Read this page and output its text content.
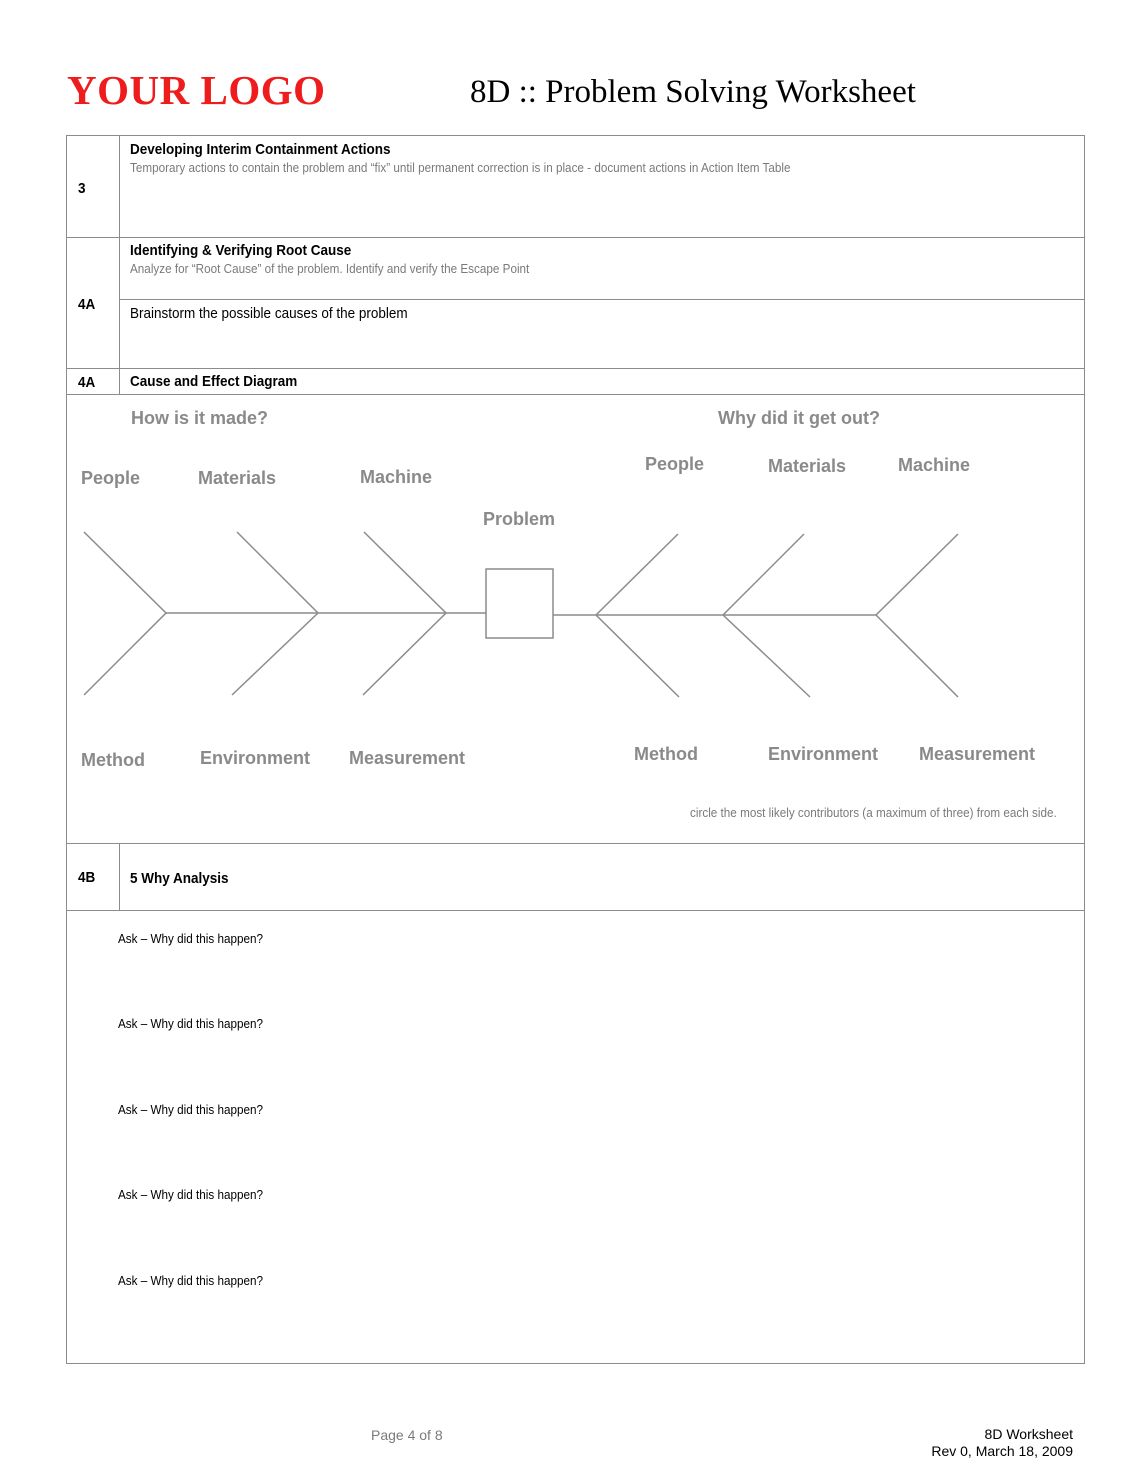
YOUR LOGO	8D :: Problem Solving Worksheet
3
Developing Interim Containment Actions
Temporary actions to contain the problem and “fix” until permanent correction is in place - document actions in Action Item Table
4A
Identifying & Verifying Root Cause
Analyze for “Root Cause” of the problem. Identify and verify the Escape Point
Brainstorm the possible causes of the problem
4A Cause and Effect Diagram
How is it made?	Why did it get out?
People	Materials	Machine
People	Materials	Machine
Problem
Method	Environment Measurement	Method	Environment Measurement
circle the most likely contributors (a maximum of three) from each side.
4B 5 Why Analysis
Ask – Why did this happen?
Ask – Why did this happen?
Ask – Why did this happen?
Ask – Why did this happen?
Ask – Why did this happen?
Page 4 of 8	8D Worksheet
Rev 0, March 18, 2009
